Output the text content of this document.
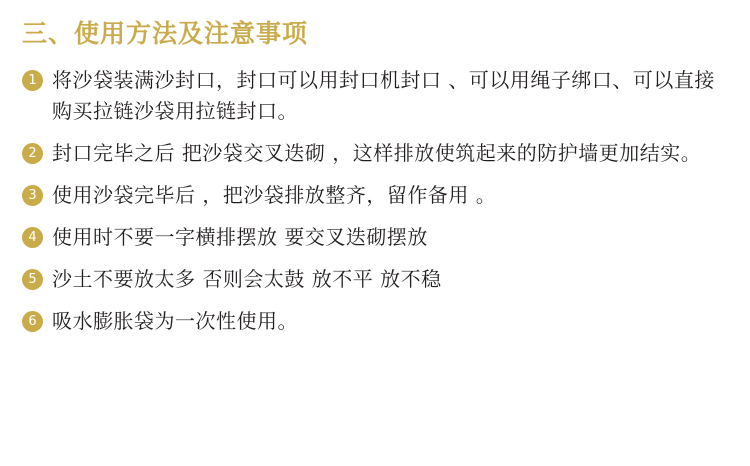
三、使用方法及注意事项
1 将沙袋装满沙封口，封口可以用封口机封口 、可以用绳子绑口、可以直接购买拉链沙袋用拉链封口。
2 封口完毕之后 把沙袋交叉迭砌 ，这样排放使筑起来的防护墙更加结实。
3 使用沙袋完毕后 ，把沙袋排放整齐，留作备用 。
4 使用时不要一字横排摆放 要交叉迭砌摆放
5 沙土不要放太多 否则会太鼓 放不平 放不稳
6 吸水膨胀袋为一次性使用。
